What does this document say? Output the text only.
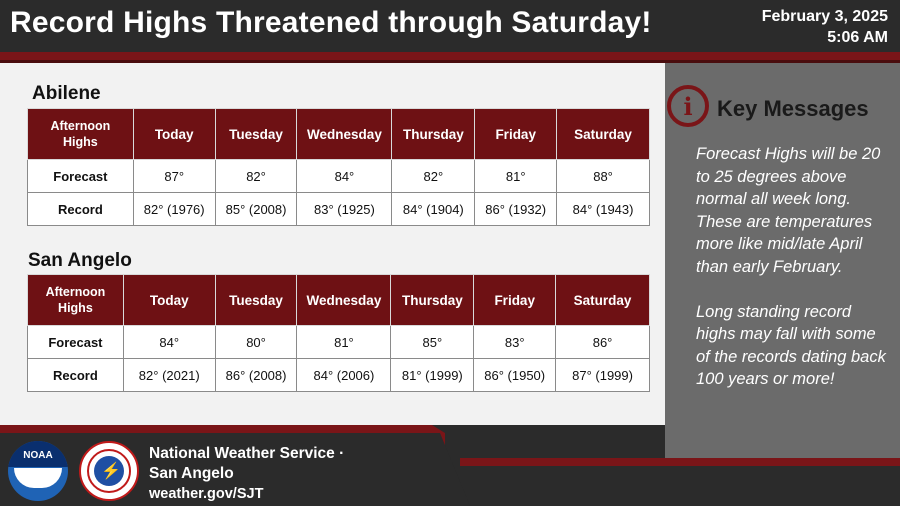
Record Highs Threatened through Saturday!	February 3, 2025
5:06 AM
Abilene
Afternoon
Highs	Today	Tuesday	Wednesday	Thursday	Friday	Saturday
Forecast	87°	82°	84°	82°	81°	88°
Record	82° (1976)	85° (2008)	83° (1925)	84° (1904)	86° (1932)	84° (1943)
San Angelo
Afternoon
Highs	Today	Tuesday	Wednesday	Thursday	Friday	Saturday
Forecast	84°	80°	81°	85°	83°	86°
Record	82° (2021)	86° (2008)	84° (2006)	81° (1999)	86° (1950)	87° (1999)
i	Key Messages

Forecast Highs will be 20 to 25 degrees above normal all week long. These are temperatures more like mid/late April than early February.

Long standing record highs may fall with some of the records dating back 100 years or more!

NOAA
⚡
National Weather Service ·
San Angelo
weather.gov/SJT
